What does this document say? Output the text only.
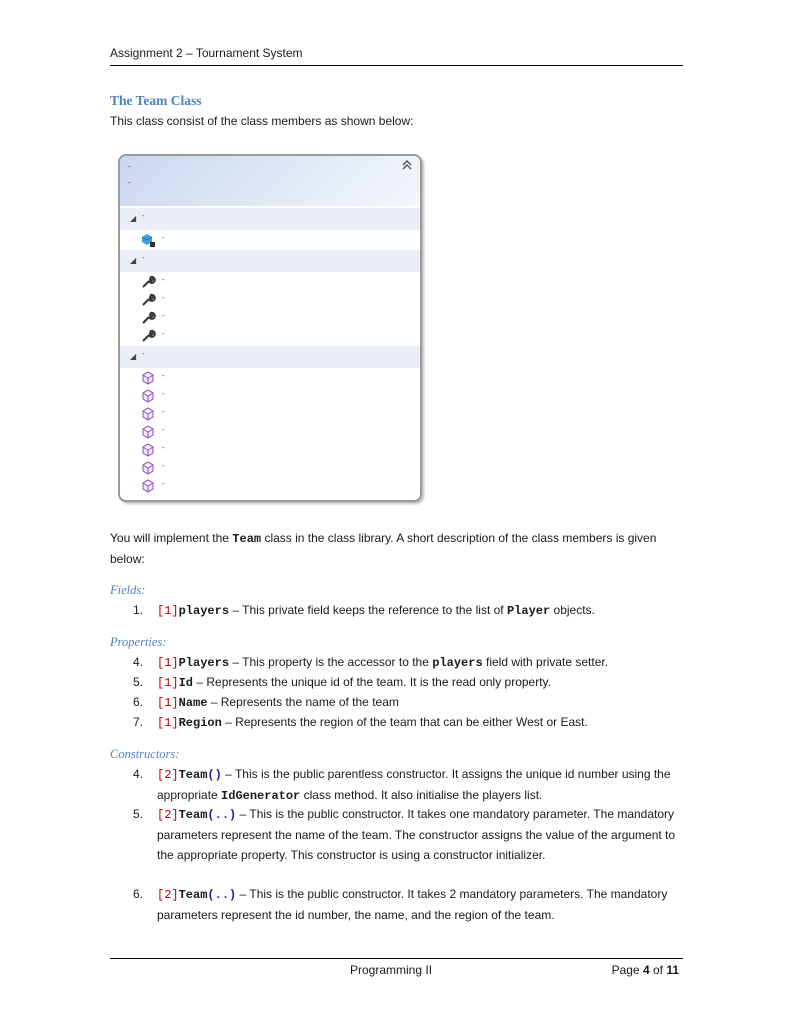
Assignment 2 – Tournament System
The Team Class
This class consist of the class members as shown below:
-
-
◢ -
-
◢ -
-
-
-
-
◢ -
-
-
-
-
-
-
-
You will implement the Team class in the class library. A short description of the class members is given below:
Fields:
1.	[1]players – This private field keeps the reference to the list of Player objects.
Properties:
4.	[1]Players – This property is the accessor to the players field with private setter.
5.	[1]Id – Represents the unique id of the team. It is the read only property.
6.	[1]Name – Represents the name of the team
7.	[1]Region – Represents the region of the team that can be either West or East.
Constructors:
4.	[2]Team() – This is the public parentless constructor. It assigns the unique id number using the appropriate IdGenerator class method. It also initialise the players list.
5.	[2]Team(..) – This is the public constructor. It takes one mandatory parameter. The mandatory parameters represent the name of the team. The constructor assigns the value of the argument to the appropriate property. This constructor is using a constructor initializer.
6.	[2]Team(..) – This is the public constructor. It takes 2 mandatory parameters. The mandatory parameters represent the id number, the name, and the region of the team.
Programming II	Page 4 of 11
